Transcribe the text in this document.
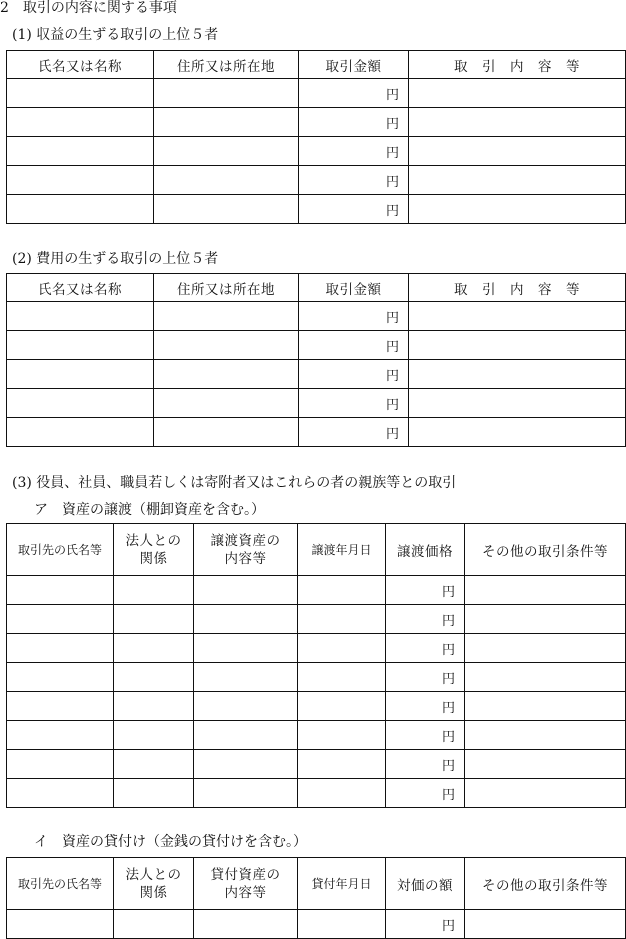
2　取引の内容に関する事項
(1) 収益の生ずる取引の上位５者
氏名又は名称	住所又は所在地	取引金額	取　引　内　容　等
		円	
		円	
		円	
		円	
		円	
(2) 費用の生ずる取引の上位５者
氏名又は名称	住所又は所在地	取引金額	取　引　内　容　等
		円	
		円	
		円	
		円	
		円	
(3) 役員、社員、職員若しくは寄附者又はこれらの者の親族等との取引
ア　資産の譲渡（棚卸資産を含む。）
取引先の氏名等	法人との関係	譲渡資産の内容等	譲渡年月日	譲渡価格	その他の取引条件等
				円	
				円	
				円	
				円	
				円	
				円	
				円	
				円	
イ　資産の貸付け（金銭の貸付けを含む。）
取引先の氏名等	法人との関係	貸付資産の内容等	貸付年月日	対価の額	その他の取引条件等
				円	
